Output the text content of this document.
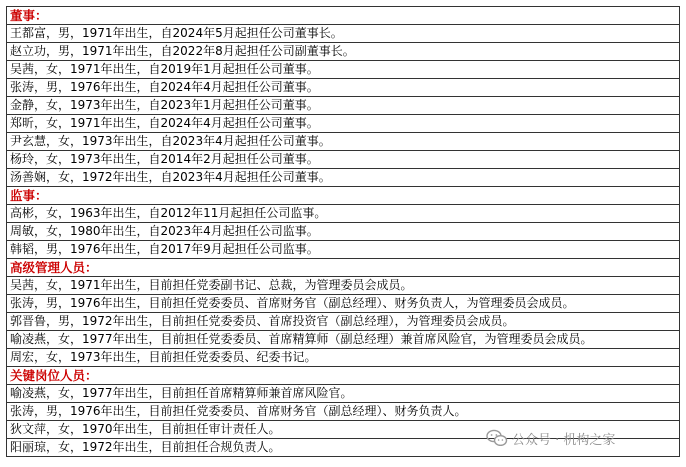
董事：
王都富，男，1971年出生，自2024年5月起担任公司董事长。
赵立功，男，1971年出生，自2022年8月起担任公司副董事长。
吴茜，女，1971年出生，自2019年1月起担任公司董事。
张涛，男，1976年出生，自2024年4月起担任公司董事。
金静，女，1973年出生，自2023年1月起担任公司董事。
郑昕，女，1971年出生，自2024年4月起担任公司董事。
尹玄慧，女，1973年出生，自2023年4月起担任公司董事。
杨玲，女，1973年出生，自2014年2月起担任公司董事。
汤善娴，女，1972年出生，自2023年4月起担任公司董事。
监事：
高彬，女，1963年出生，自2012年11月起担任公司监事。
周敏，女，1980年出生，自2023年4月起担任公司监事。
韩韬，男，1976年出生，自2017年9月起担任公司监事。
高级管理人员：
吴茜，女，1971年出生，目前担任党委副书记、总裁，为管理委员会成员。
张涛，男，1976年出生，目前担任党委委员、首席财务官（副总经理）、财务负责人，为管理委员会成员。
郭晋鲁，男，1972年出生，目前担任党委委员、首席投资官（副总经理），为管理委员会成员。
喻凌燕，女，1977年出生，目前担任党委委员、首席精算师（副总经理）兼首席风险官，为管理委员会成员。
周宏，女，1973年出生，目前担任党委委员、纪委书记。
关键岗位人员：
喻凌燕，女，1977年出生，目前担任首席精算师兼首席风险官。
张涛，男，1976年出生，目前担任党委委员、首席财务官（副总经理）、财务负责人。
狄文萍，女，1970年出生，目前担任审计责任人。
阳丽琼，女，1972年出生，目前担任合规负责人。	公众号 · 机构之家
